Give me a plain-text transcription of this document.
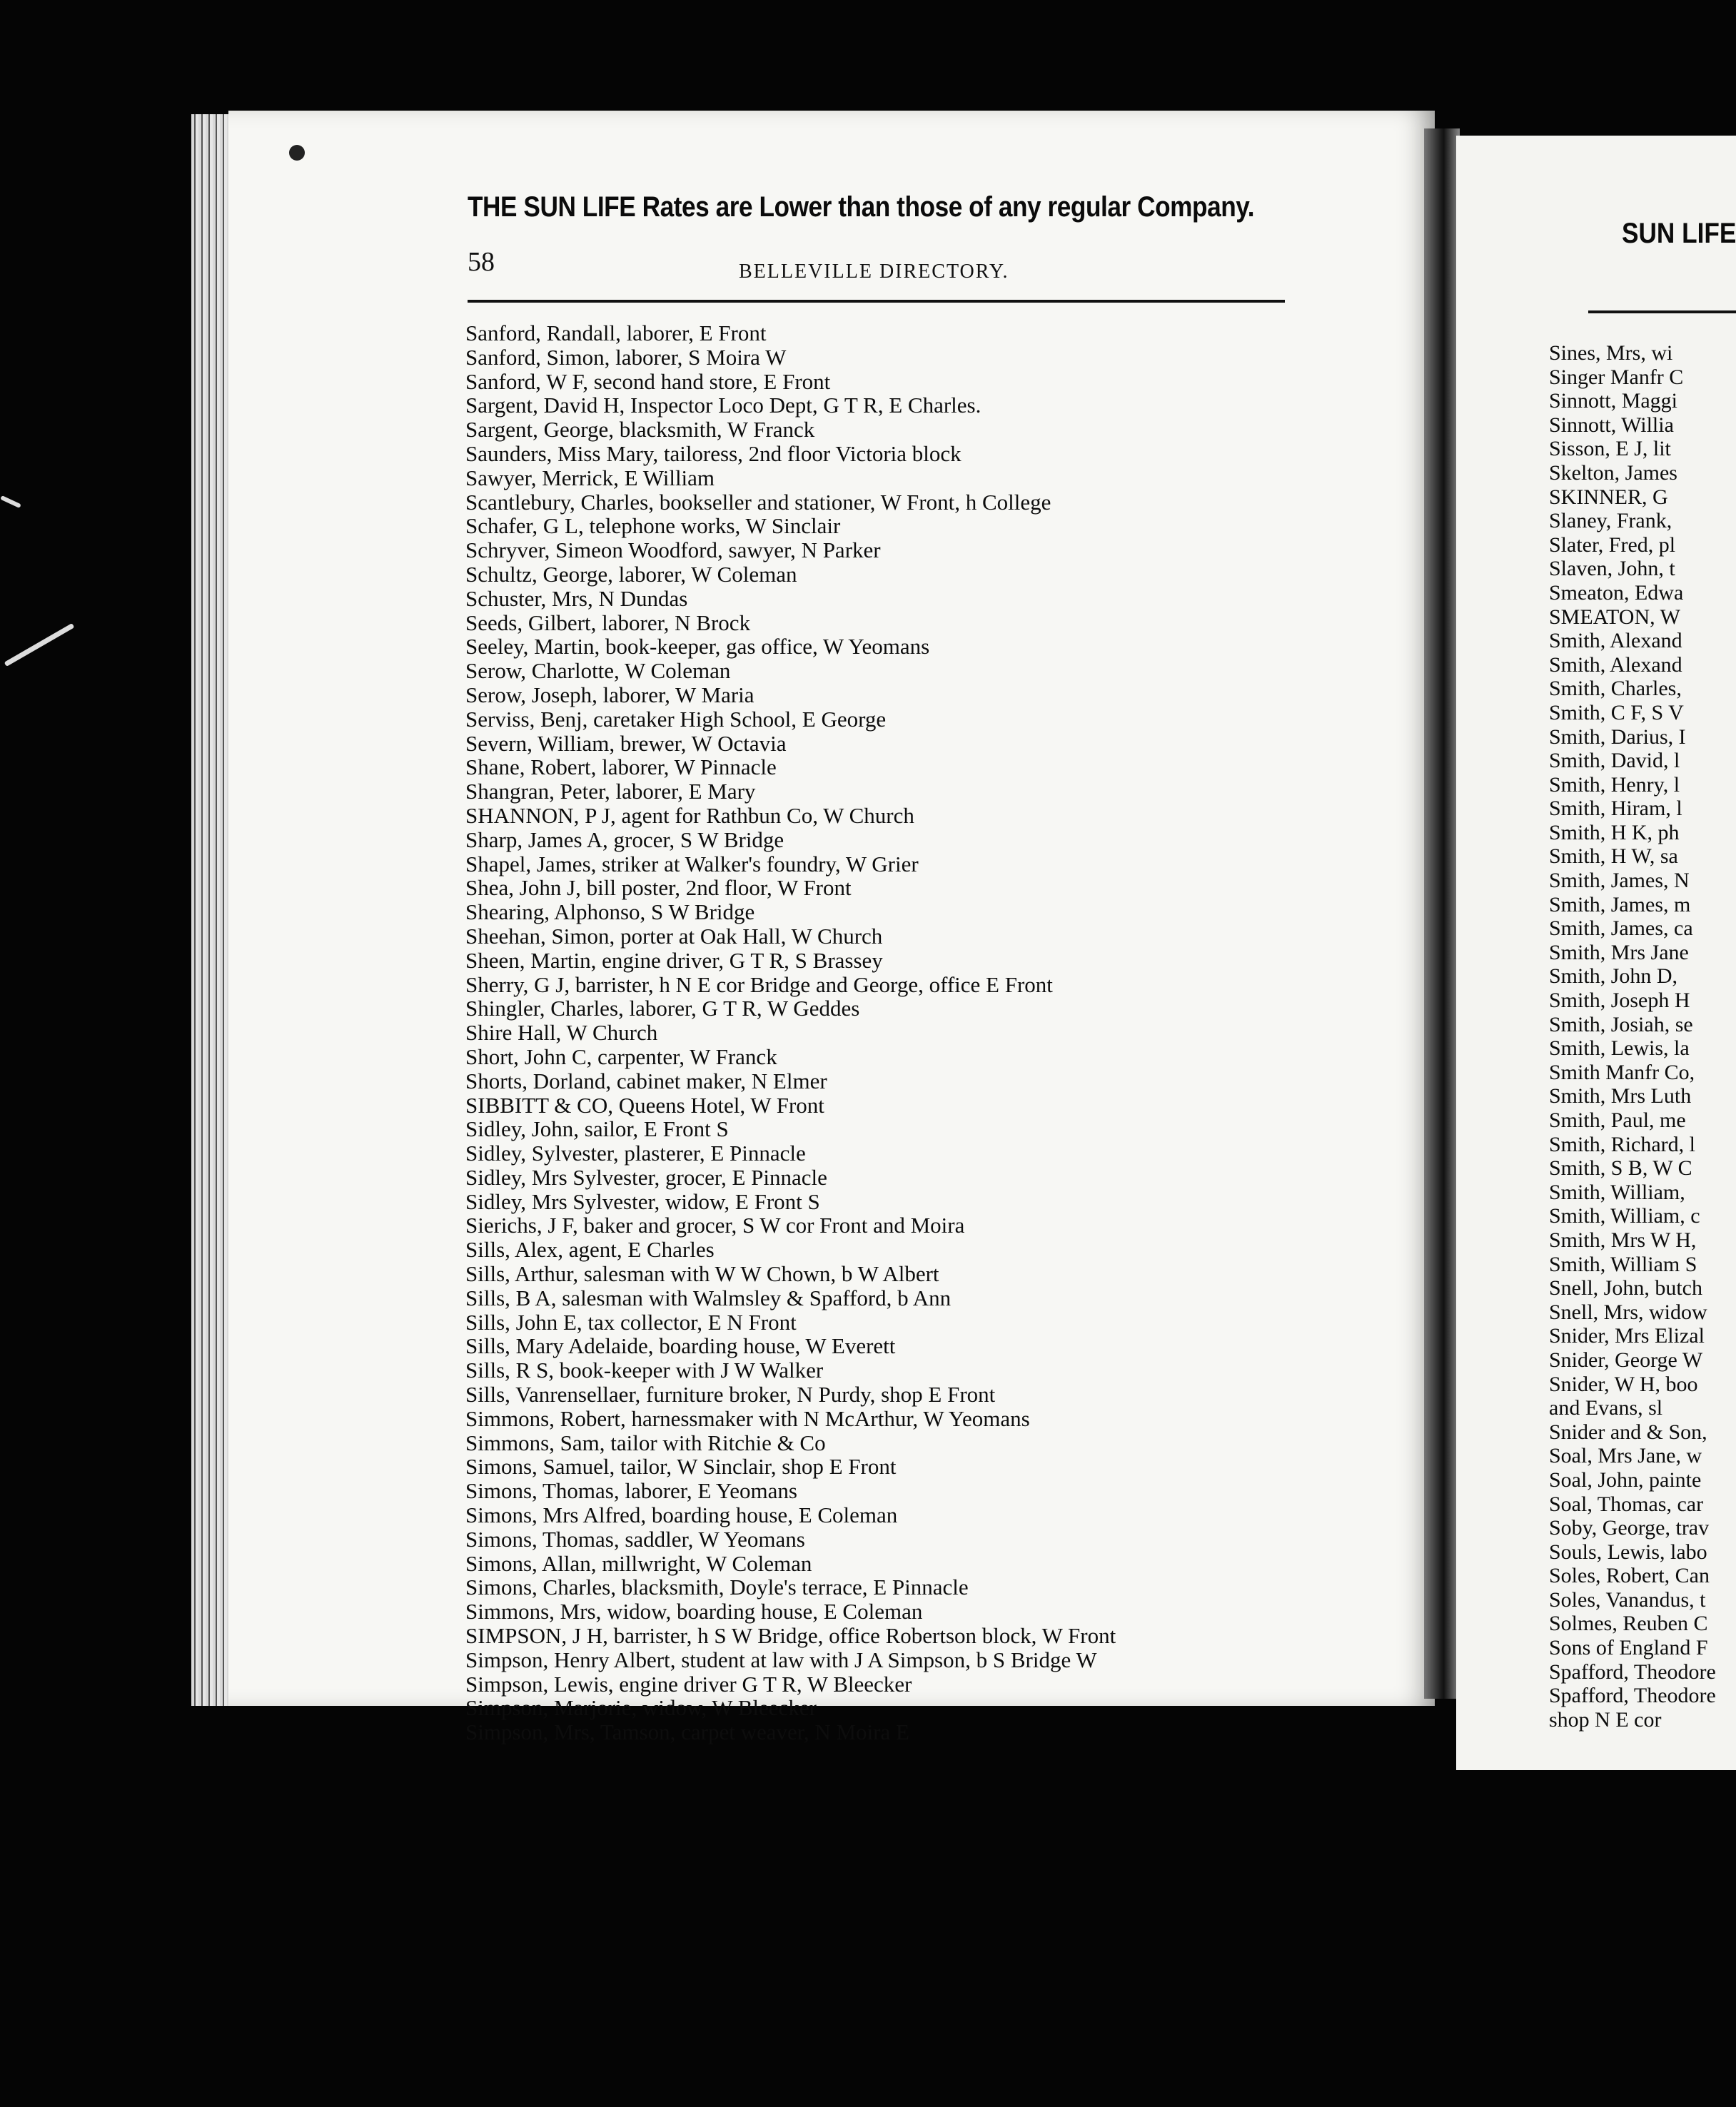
THE SUN LIFE Rates are Lower than those of any regular Company.
58	BELLEVILLE DIRECTORY.
Sanford, Randall, laborer, E Front
Sanford, Simon, laborer, S Moira W
Sanford, W F, second hand store, E Front
Sargent, David H, Inspector Loco Dept, G T R, E Charles.
Sargent, George, blacksmith, W Franck
Saunders, Miss Mary, tailoress, 2nd floor Victoria block
Sawyer, Merrick, E William
Scantlebury, Charles, bookseller and stationer, W Front, h College
Schafer, G L, telephone works, W Sinclair
Schryver, Simeon Woodford, sawyer, N Parker
Schultz, George, laborer, W Coleman
Schuster, Mrs, N Dundas
Seeds, Gilbert, laborer, N Brock
Seeley, Martin, book-keeper, gas office, W Yeomans
Serow, Charlotte, W Coleman
Serow, Joseph, laborer, W Maria
Serviss, Benj, caretaker High School, E George
Severn, William, brewer, W Octavia
Shane, Robert, laborer, W Pinnacle
Shangran, Peter, laborer, E Mary
SHANNON, P J, agent for Rathbun Co, W Church
Sharp, James A, grocer, S W Bridge
Shapel, James, striker at Walker's foundry, W Grier
Shea, John J, bill poster, 2nd floor, W Front
Shearing, Alphonso, S W Bridge
Sheehan, Simon, porter at Oak Hall, W Church
Sheen, Martin, engine driver, G T R, S Brassey
Sherry, G J, barrister, h N E cor Bridge and George, office E Front
Shingler, Charles, laborer, G T R, W Geddes
Shire Hall, W Church
Short, John C, carpenter, W Franck
Shorts, Dorland, cabinet maker, N Elmer
SIBBITT & CO, Queens Hotel, W Front
Sidley, John, sailor, E Front S
Sidley, Sylvester, plasterer, E Pinnacle
Sidley, Mrs Sylvester, grocer, E Pinnacle
Sidley, Mrs Sylvester, widow, E Front S
Sierichs, J F, baker and grocer, S W cor Front and Moira
Sills, Alex, agent, E Charles
Sills, Arthur, salesman with W W Chown, b W Albert
Sills, B A, salesman with Walmsley & Spafford, b Ann
Sills, John E, tax collector, E N Front
Sills, Mary Adelaide, boarding house, W Everett
Sills, R S, book-keeper with J W Walker
Sills, Vanrensellaer, furniture broker, N Purdy, shop E Front
Simmons, Robert, harnessmaker with N McArthur, W Yeomans
Simmons, Sam, tailor with Ritchie & Co
Simons, Samuel, tailor, W Sinclair, shop E Front
Simons, Thomas, laborer, E Yeomans
Simons, Mrs Alfred, boarding house, E Coleman
Simons, Thomas, saddler, W Yeomans
Simons, Allan, millwright, W Coleman
Simons, Charles, blacksmith, Doyle's terrace, E Pinnacle
Simmons, Mrs, widow, boarding house, E Coleman
SIMPSON, J H, barrister, h S W Bridge, office Robertson block, W Front
Simpson, Henry Albert, student at law with J A Simpson, b S Bridge W
Simpson, Lewis, engine driver G T R, W Bleecker
Simpson, Marjorie, widow, W Bleecker
Simpson, Mrs, Tamson, carpet weaver, N Moira E
SUN LIFE
Sines, Mrs, wi
Singer Manfr C
Sinnott, Maggi
Sinnott, Willia
Sisson, E J, lit
Skelton, James
SKINNER, G
Slaney, Frank,
Slater, Fred, pl
Slaven, John, t
Smeaton, Edwa
SMEATON, W
Smith, Alexand
Smith, Alexand
Smith, Charles,
Smith, C F, S V
Smith, Darius, I
Smith, David, l
Smith, Henry, l
Smith, Hiram, l
Smith, H K, ph
Smith, H W, sa
Smith, James, N
Smith, James, m
Smith, James, ca
Smith, Mrs Jane
Smith, John D,
Smith, Joseph H
Smith, Josiah, se
Smith, Lewis, la
Smith Manfr Co,
Smith, Mrs Luth
Smith, Paul, me
Smith, Richard, l
Smith, S B, W C
Smith, William,
Smith, William, c
Smith, Mrs W H,
Smith, William S
Snell, John, butch
Snell, Mrs, widow
Snider, Mrs Elizal
Snider, George W
Snider, W H, boo
and Evans, sl
Snider and & Son,
Soal, Mrs Jane, w
Soal, John, painte
Soal, Thomas, car
Soby, George, trav
Souls, Lewis, labo
Soles, Robert, Can
Soles, Vanandus, t
Solmes, Reuben C
Sons of England F
Spafford, Theodore
Spafford, Theodore
shop N E cor
